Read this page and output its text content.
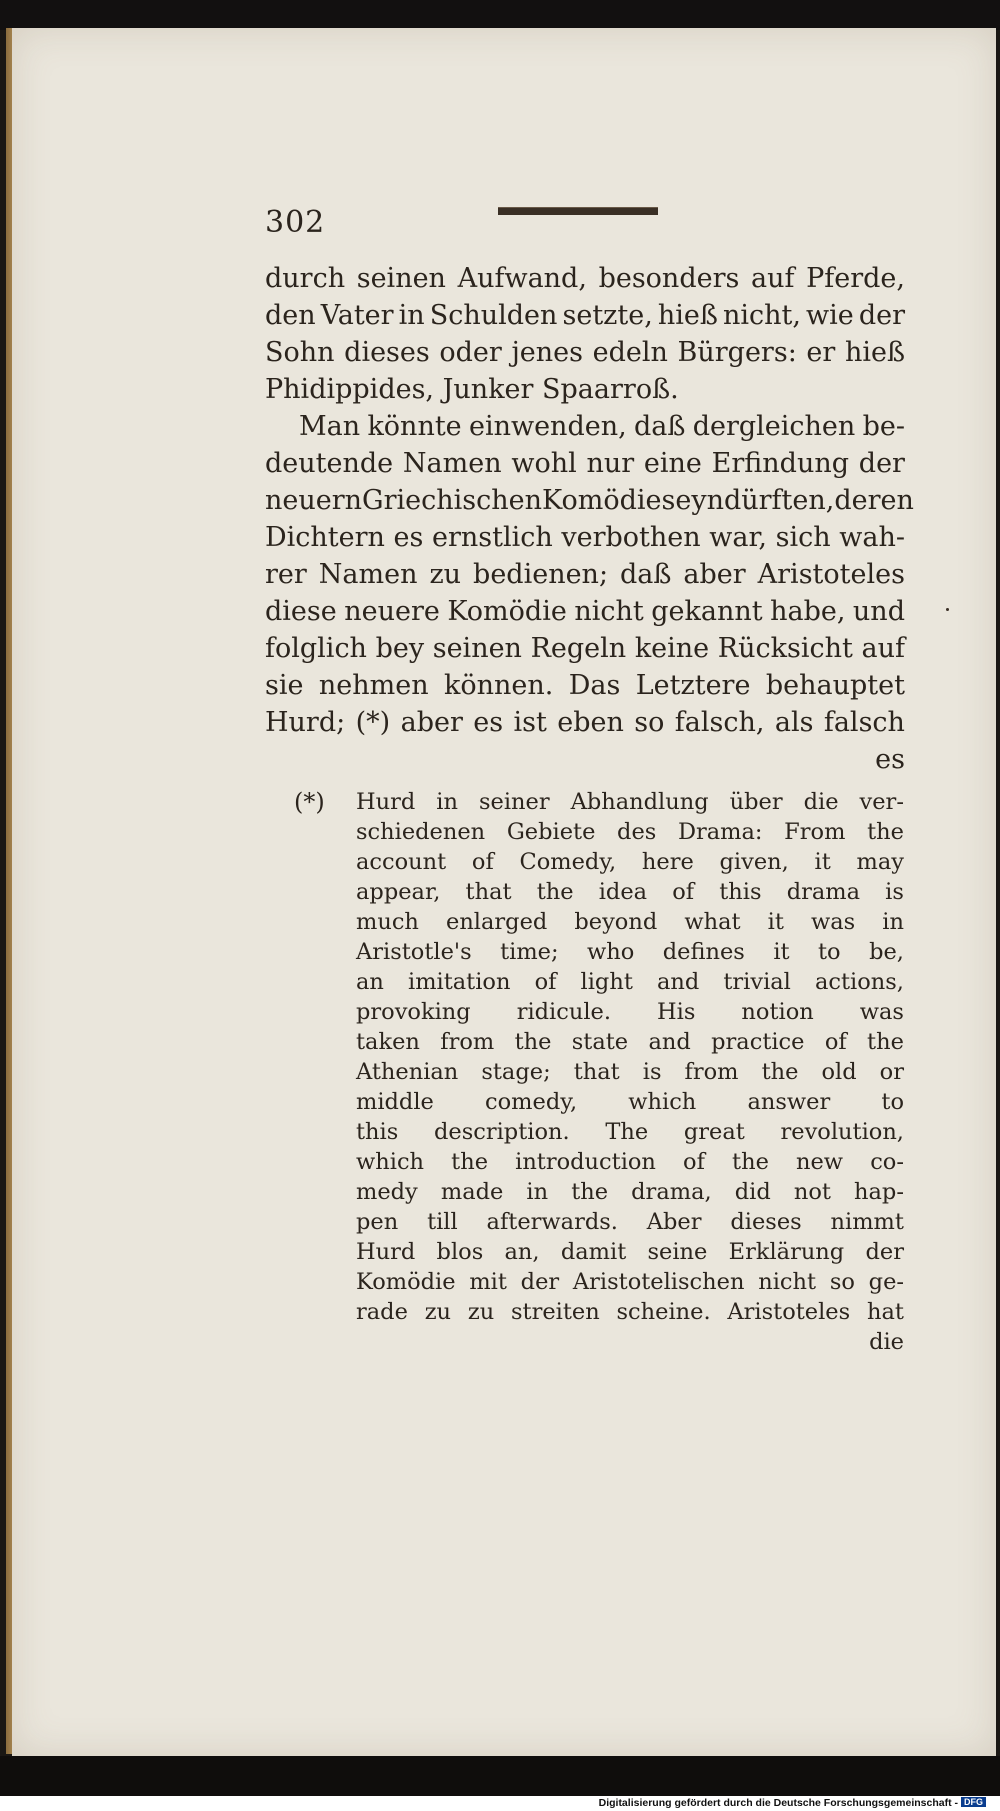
302
durch seinen Aufwand, besonders auf Pferde,
den Vater in Schulden setzte, hieß nicht, wie der
Sohn dieses oder jenes edeln Bürgers: er hieß
Phidippides, Junker Spaarroß.
Man könnte einwenden, daß dergleichen be-
deutende Namen wohl nur eine Erfindung der
neuern Griechischen Komödie seyn dürften, deren
Dichtern es ernstlich verbothen war, sich wah-
rer Namen zu bedienen; daß aber Aristoteles
diese neuere Komödie nicht gekannt habe, und
folglich bey seinen Regeln keine Rücksicht auf
sie nehmen können. Das Letztere behauptet
Hurd; (*) aber es ist eben so falsch, als falsch
es
(*) Hurd in seiner Abhandlung über die ver-
schiedenen Gebiete des Drama: From the
account of Comedy, here given, it may
appear, that the idea of this drama is
much enlarged beyond what it was in
Aristotle's time; who defines it to be,
an imitation of light and trivial actions,
provoking ridicule. His notion was
taken from the state and practice of the
Athenian stage; that is from the old or
middle comedy, which answer to
this description. The great revolution,
which the introduction of the new co-
medy made in the drama, did not hap-
pen till afterwards. Aber dieses nimmt
Hurd blos an, damit seine Erklärung der
Komödie mit der Aristotelischen nicht so ge-
rade zu zu streiten scheine. Aristoteles hat
die
Digitalisierung gefördert durch die Deutsche Forschungsgemeinschaft - DFG
